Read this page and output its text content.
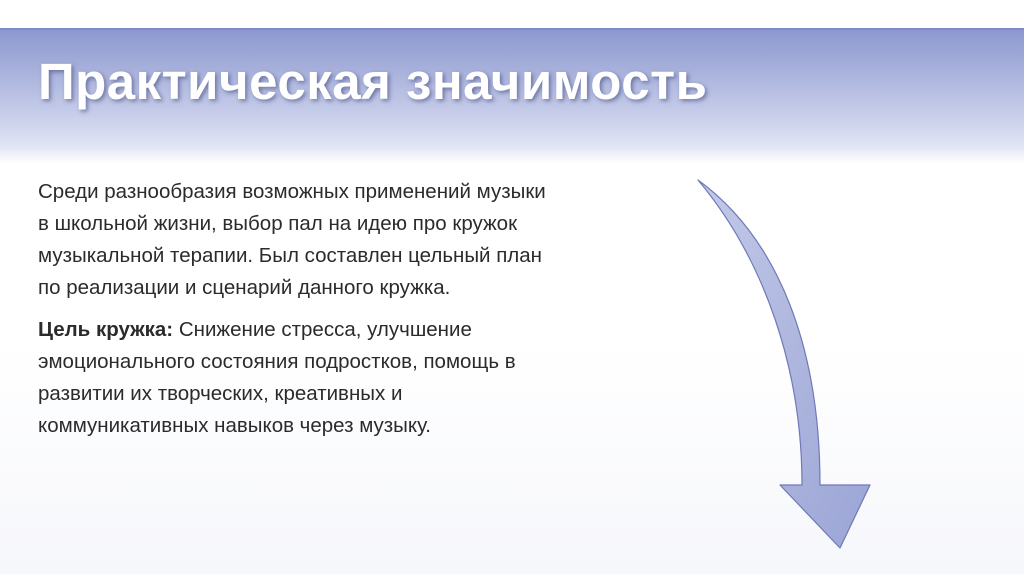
Практическая значимость

Среди разнообразия возможных применений музыки в школьной жизни, выбор пал на идею про кружок музыкальной терапии. Был составлен цельный план по реализации и сценарий данного кружка.

Цель кружка: Снижение стресса, улучшение эмоционального состояния подростков, помощь в развитии их творческих, креативных и коммуникативных навыков через музыку.
